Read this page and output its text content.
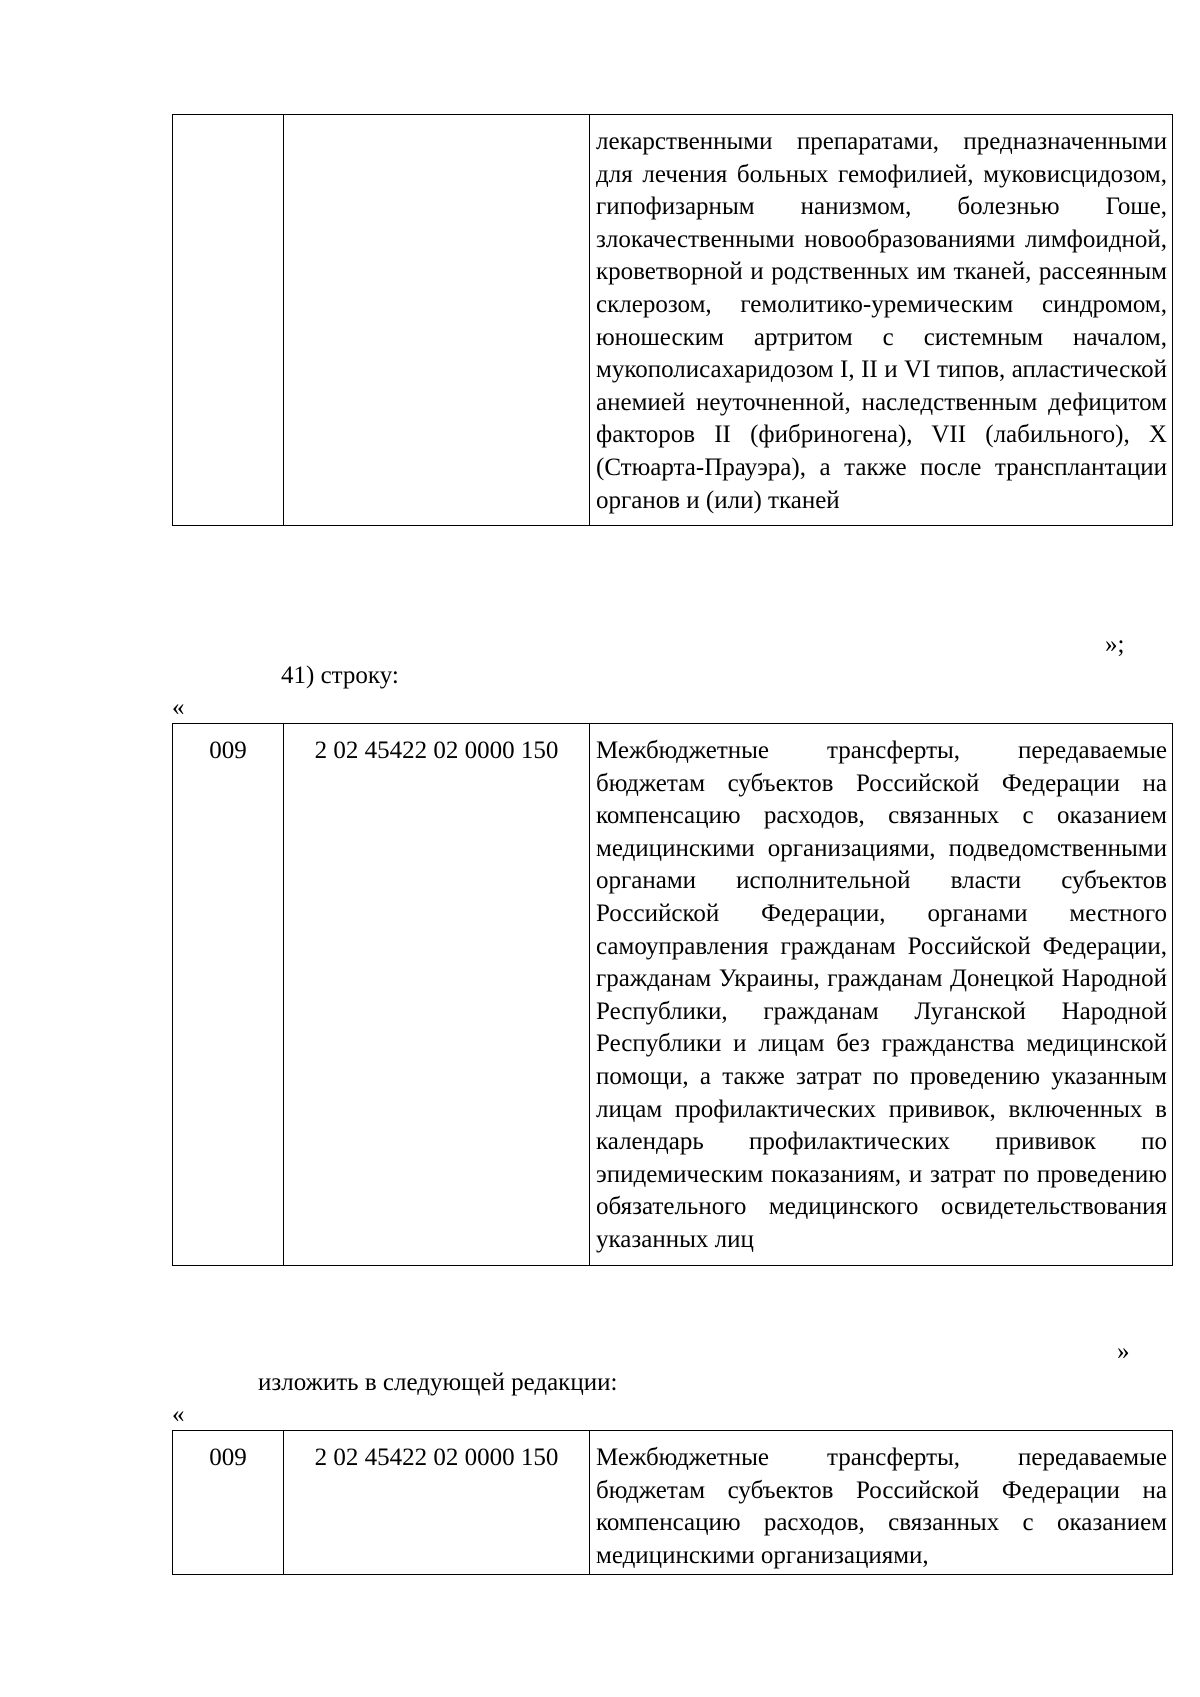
		лекарственными препаратами, предназначенными для лечения больных гемофилией, муковисцидозом, гипофизарным нанизмом, болезнью Гоше, злокачественными новообразованиями лимфоидной, кроветворной и родственных им тканей, рассеянным склерозом, гемолитико-уремическим синдромом, юношеским артритом с системным началом, мукополисахаридозом I, II и VI типов, апластической анемией неуточненной, наследственным дефицитом факторов II (фибриногена), VII (лабильного), X (Стюарта-Прауэра), а также после трансплантации органов и (или) тканей
»;
41) строку:
«
009	2 02 45422 02 0000 150	Межбюджетные трансферты, передаваемые бюджетам субъектов Российской Федерации на компенсацию расходов, связанных с оказанием медицинскими организациями, подведомственными органами исполнительной власти субъектов Российской Федерации, органами местного самоуправления гражданам Российской Федерации, гражданам Украины, гражданам Донецкой Народной Республики, гражданам Луганской Народной Республики и лицам без гражданства медицинской помощи, а также затрат по проведению указанным лицам профилактических прививок, включенных в календарь профилактических прививок по эпидемическим показаниям, и затрат по проведению обязательного медицинского освидетельствования указанных лиц
»
изложить в следующей редакции:
«
009	2 02 45422 02 0000 150	Межбюджетные трансферты, передаваемые бюджетам субъектов Российской Федерации на компенсацию расходов, связанных с оказанием медицинскими организациями,
